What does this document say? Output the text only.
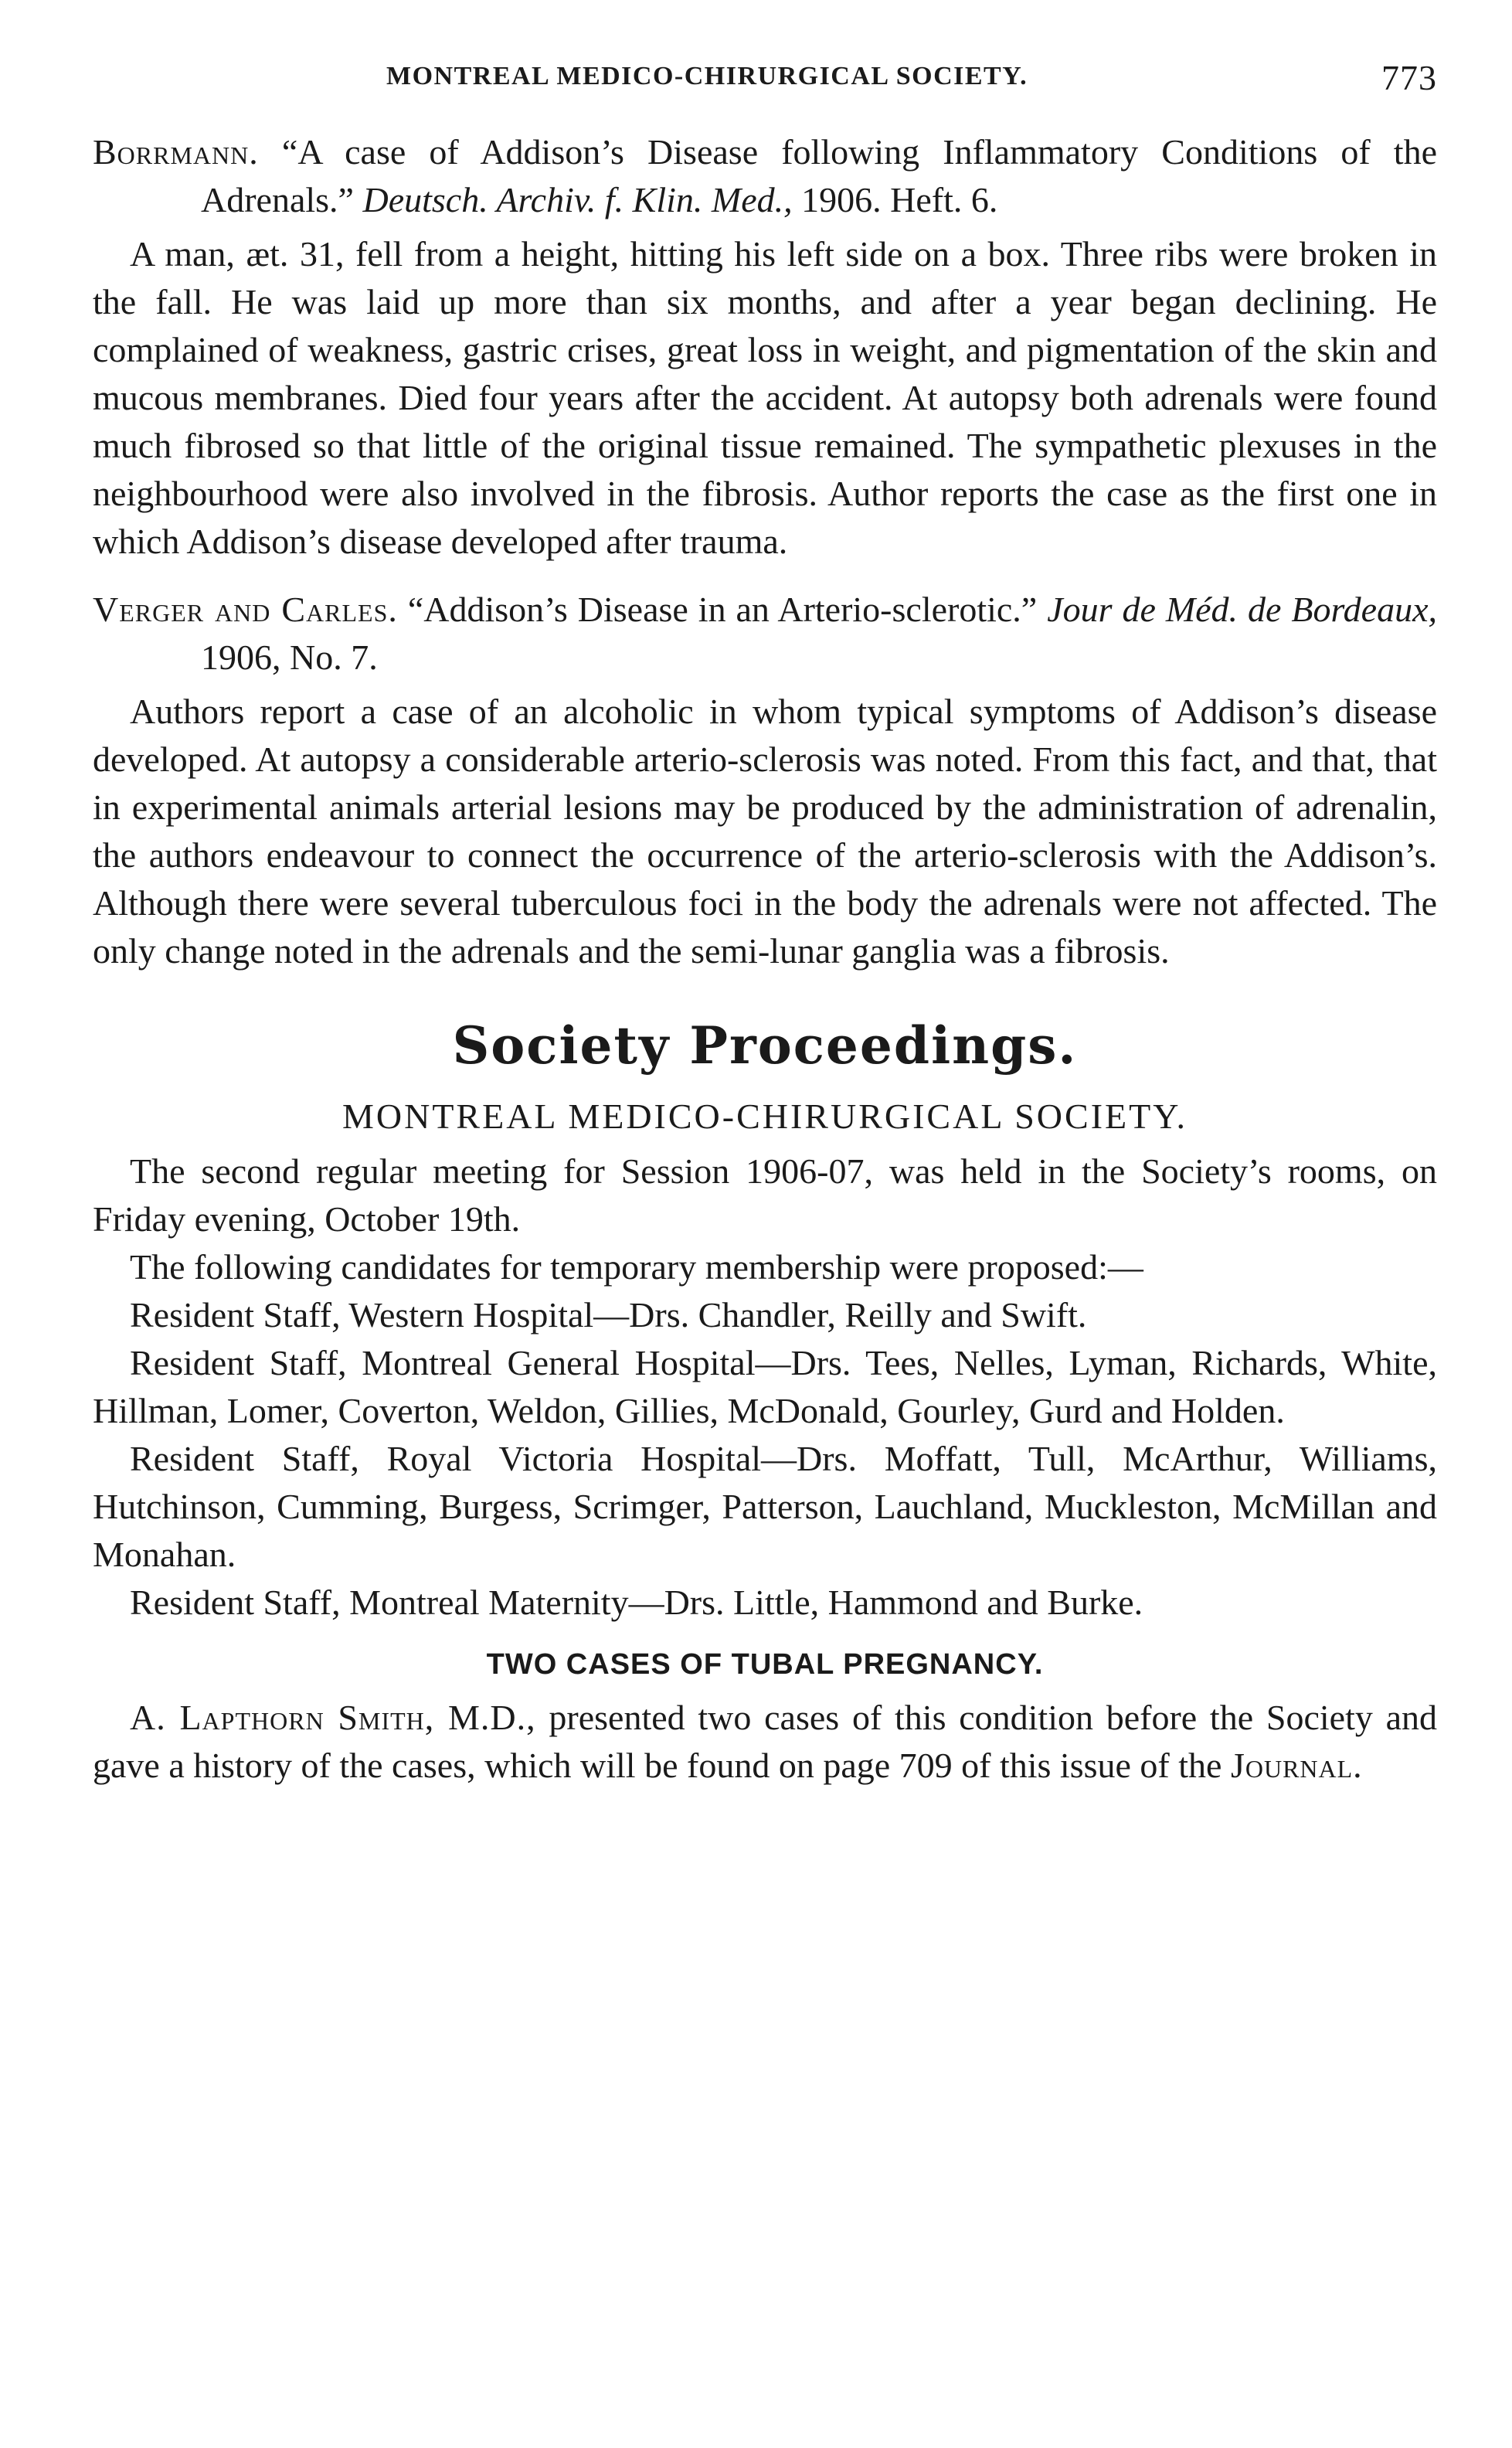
MONTREAL MEDICO-CHIRURGICAL SOCIETY.	773

Borrmann. “A case of Addison’s Disease following Inflammatory Conditions of the Adrenals.” Deutsch. Archiv. f. Klin. Med., 1906. Heft. 6.

A man, æt. 31, fell from a height, hitting his left side on a box. Three ribs were broken in the fall. He was laid up more than six months, and after a year began declining. He complained of weakness, gastric crises, great loss in weight, and pigmentation of the skin and mucous membranes. Died four years after the accident. At autopsy both adrenals were found much fibrosed so that little of the original tissue remained. The sympathetic plexuses in the neighbourhood were also involved in the fibrosis. Author reports the case as the first one in which Addison’s disease developed after trauma.

Verger and Carles. “Addison’s Disease in an Arterio-sclerotic.” Jour de Méd. de Bordeaux, 1906, No. 7.

Authors report a case of an alcoholic in whom typical symptoms of Addison’s disease developed. At autopsy a considerable arterio-sclerosis was noted. From this fact, and that, that in experimental animals arterial lesions may be produced by the administration of adrenalin, the authors endeavour to connect the occurrence of the arterio-sclerosis with the Addison’s. Although there were several tuberculous foci in the body the adrenals were not affected. The only change noted in the adrenals and the semi-lunar ganglia was a fibrosis.

Society Proceedings.
MONTREAL MEDICO-CHIRURGICAL SOCIETY.

The second regular meeting for Session 1906-07, was held in the Society’s rooms, on Friday evening, October 19th.

The following candidates for temporary membership were proposed:—

Resident Staff, Western Hospital—Drs. Chandler, Reilly and Swift.

Resident Staff, Montreal General Hospital—Drs. Tees, Nelles, Lyman, Richards, White, Hillman, Lomer, Coverton, Weldon, Gillies, McDonald, Gourley, Gurd and Holden.

Resident Staff, Royal Victoria Hospital—Drs. Moffatt, Tull, McArthur, Williams, Hutchinson, Cumming, Burgess, Scrimger, Patterson, Lauchland, Muckleston, McMillan and Monahan.

Resident Staff, Montreal Maternity—Drs. Little, Hammond and Burke.

TWO CASES OF TUBAL PREGNANCY.

A. Lapthorn Smith, M.D., presented two cases of this condition before the Society and gave a history of the cases, which will be found on page 709 of this issue of the Journal.
